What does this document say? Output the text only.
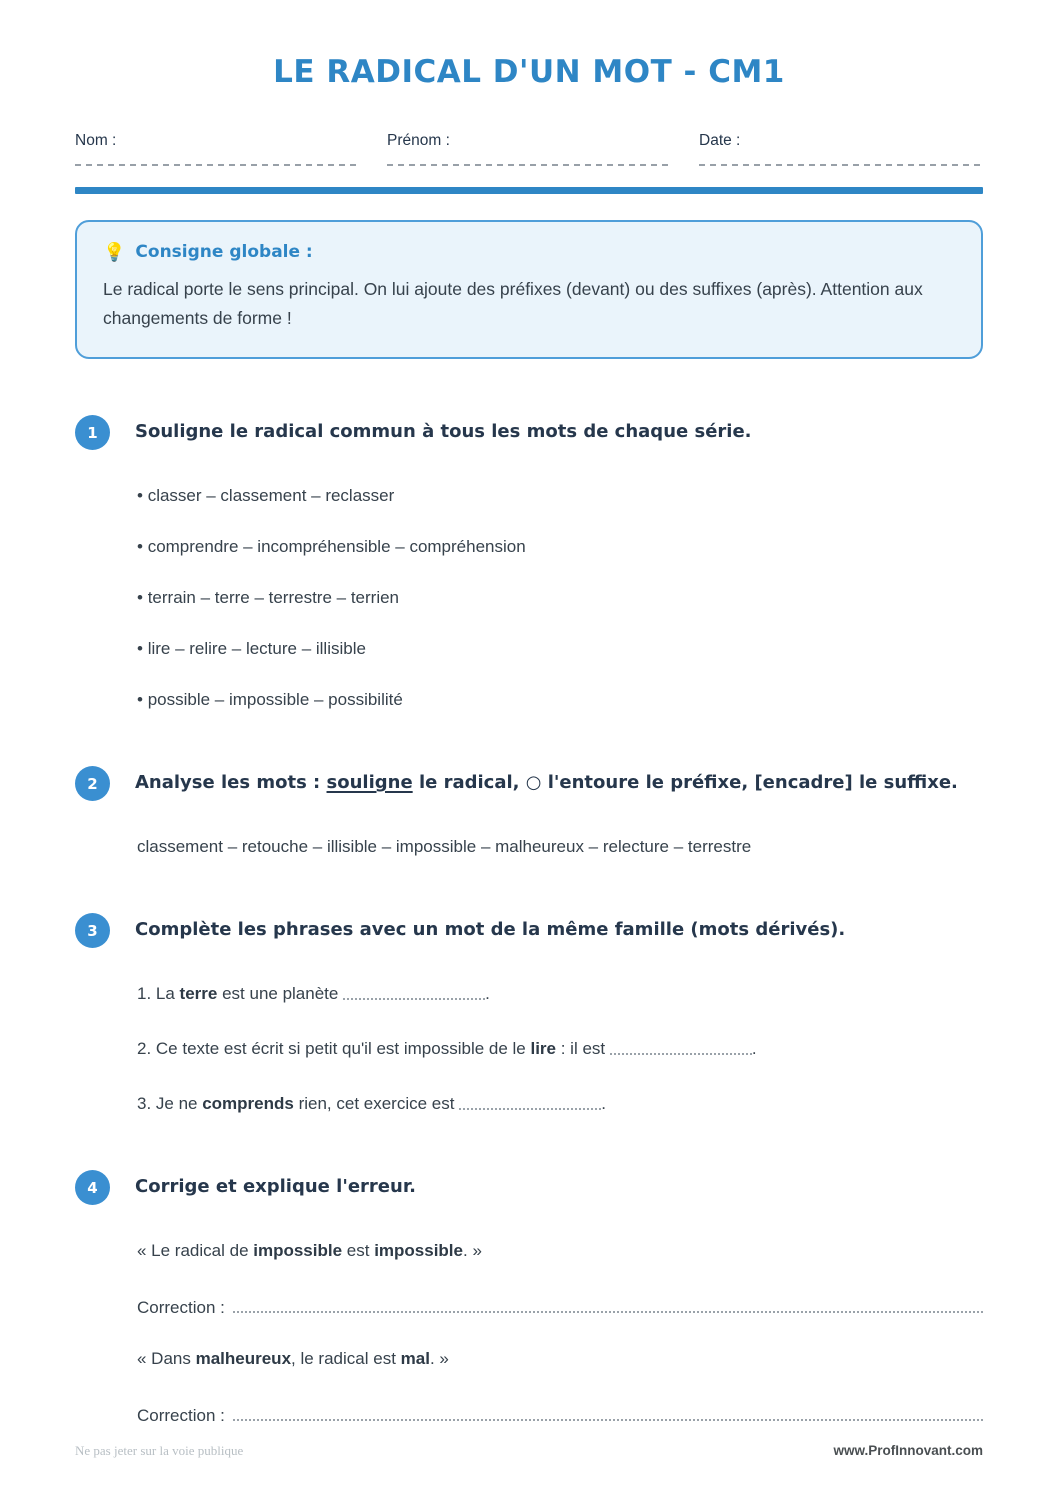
LE RADICAL D'UN MOT - CM1
Nom :	Prénom :	Date :
💡 Consigne globale :
Le radical porte le sens principal. On lui ajoute des préfixes (devant) ou des suffixes (après). Attention aux changements de forme !
1	Souligne le radical commun à tous les mots de chaque série.

• classer – classement – reclasser

• comprendre – incompréhensible – compréhension

• terrain – terre – terrestre – terrien

• lire – relire – lecture – illisible

• possible – impossible – possibilité

2	Analyse les mots : souligne le radical, ○ l'entoure le préfixe, [encadre] le suffixe.

classement – retouche – illisible – impossible – malheureux – relecture – terrestre

3	Complète les phrases avec un mot de la même famille (mots dérivés).

1. La terre est une planète	.

2. Ce texte est écrit si petit qu'il est impossible de le lire : il est	.

3. Je ne comprends rien, cet exercice est	.

4	Corrige et explique l'erreur.

« Le radical de impossible est impossible. »

Correction :

« Dans malheureux, le radical est mal. »

Correction :
Ne pas jeter sur la voie publique	www.ProfInnovant.com
